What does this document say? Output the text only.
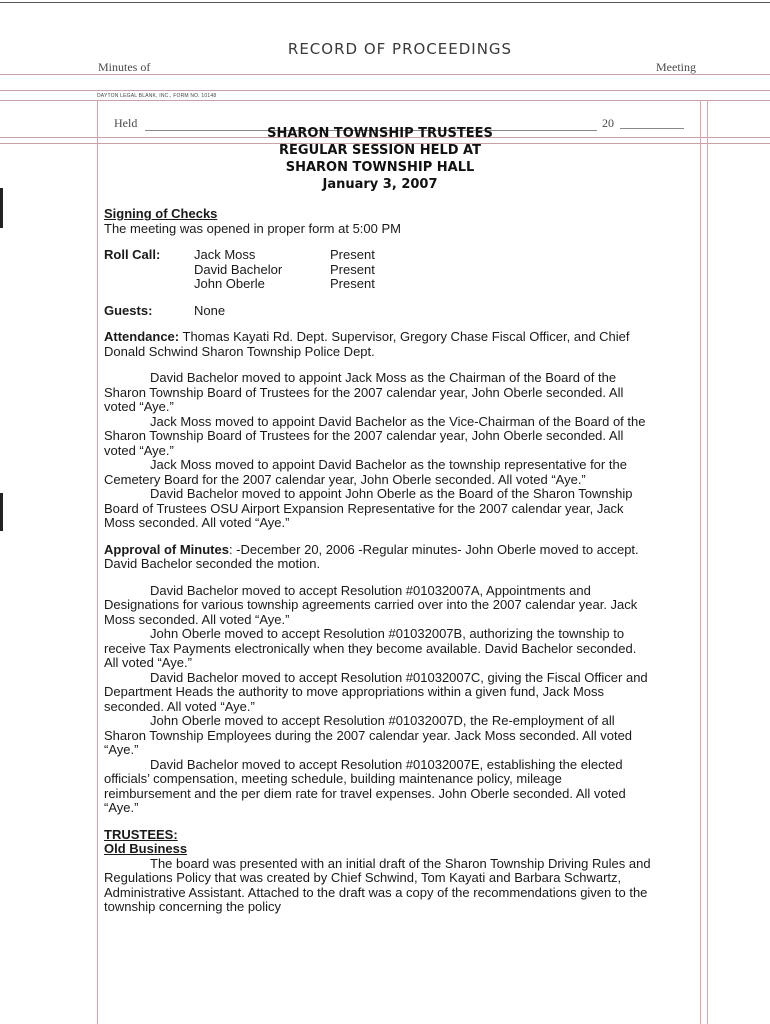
RECORD OF PROCEEDINGS
Minutes of	Meeting
DAYTON LEGAL BLANK, INC., FORM NO. 10148
Held	20
SHARON TOWNSHIP TRUSTEES
REGULAR SESSION HELD AT
SHARON TOWNSHIP HALL
January 3, 2007

Signing of Checks

The meeting was opened in proper form at 5:00 PM

Roll Call:	Jack Moss	Present
David Bachelor	Present
John Oberle	Present
Guests:	None

Attendance: Thomas Kayati Rd. Dept. Supervisor, Gregory Chase Fiscal Officer, and Chief Donald Schwind Sharon Township Police Dept.

David Bachelor moved to appoint Jack Moss as the Chairman of the Board of the Sharon Township Board of Trustees for the 2007 calendar year, John Oberle seconded. All voted “Aye.”

Jack Moss moved to appoint David Bachelor as the Vice-Chairman of the Board of the Sharon Township Board of Trustees for the 2007 calendar year, John Oberle seconded. All voted “Aye.”

Jack Moss moved to appoint David Bachelor as the township representative for the Cemetery Board for the 2007 calendar year, John Oberle seconded. All voted “Aye.”

David Bachelor moved to appoint John Oberle as the Board of the Sharon Township Board of Trustees OSU Airport Expansion Representative for the 2007 calendar year, Jack Moss seconded. All voted “Aye.”

Approval of Minutes: -December 20, 2006 -Regular minutes- John Oberle moved to accept. David Bachelor seconded the motion.

David Bachelor moved to accept Resolution #01032007A, Appointments and Designations for various township agreements carried over into the 2007 calendar year. Jack Moss seconded. All voted “Aye.”

John Oberle moved to accept Resolution #01032007B, authorizing the township to receive Tax Payments electronically when they become available. David Bachelor seconded. All voted “Aye.”

David Bachelor moved to accept Resolution #01032007C, giving the Fiscal Officer and Department Heads the authority to move appropriations within a given fund, Jack Moss seconded. All voted “Aye.”

John Oberle moved to accept Resolution #01032007D, the Re-employment of all Sharon Township Employees during the 2007 calendar year. Jack Moss seconded. All voted “Aye.”

David Bachelor moved to accept Resolution #01032007E, establishing the elected officials’ compensation, meeting schedule, building maintenance policy, mileage reimbursement and the per diem rate for travel expenses. John Oberle seconded. All voted “Aye.”

TRUSTEES:

Old Business

The board was presented with an initial draft of the Sharon Township Driving Rules and Regulations Policy that was created by Chief Schwind, Tom Kayati and Barbara Schwartz, Administrative Assistant. Attached to the draft was a copy of the recommendations given to the township concerning the policy
